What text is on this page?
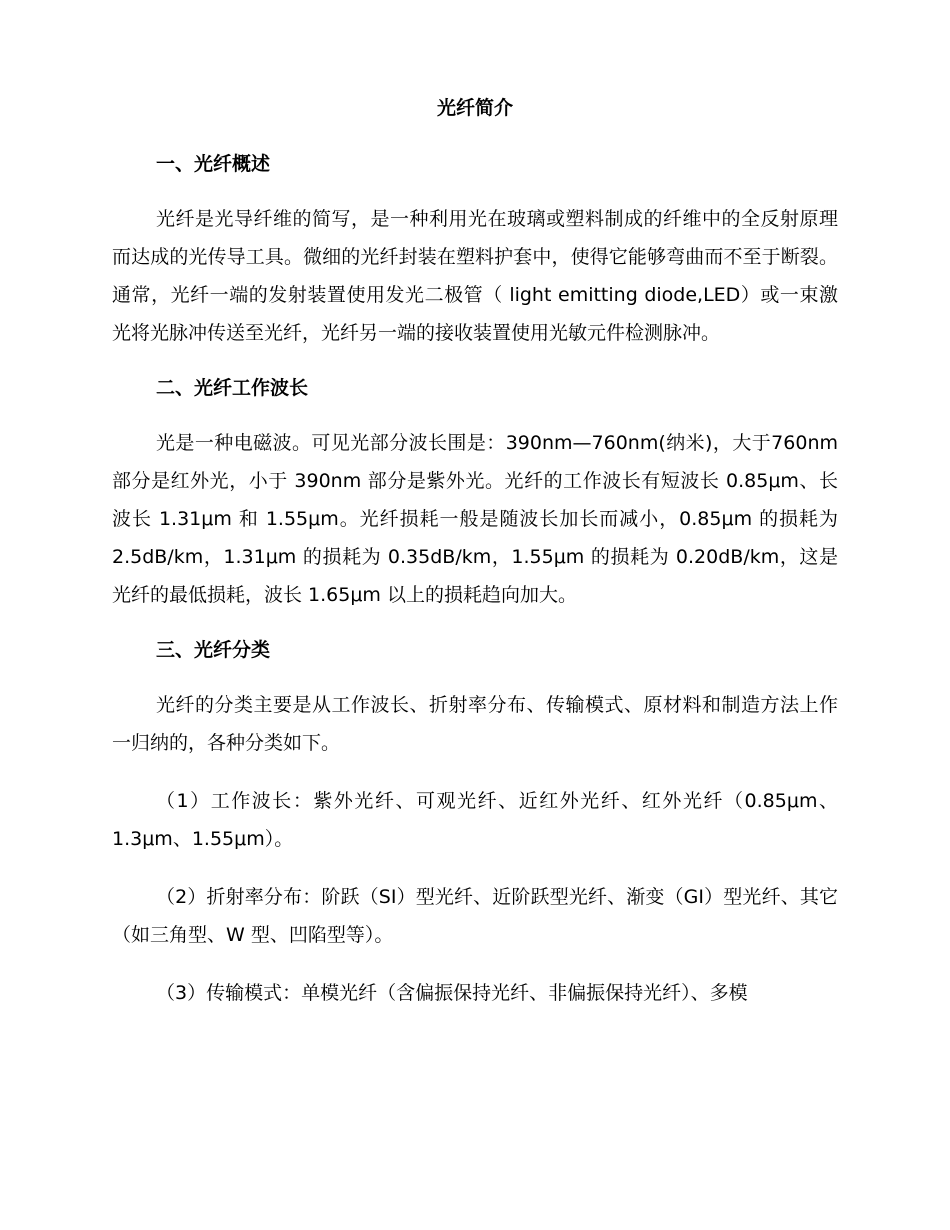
光纤简介
一、光纤概述

光纤是光导纤维的简写，是一种利用光在玻璃或塑料制成的纤维中的全反射原理而达成的光传导工具。微细的光纤封装在塑料护套中，使得它能够弯曲而不至于断裂。通常，光纤一端的发射装置使用发光二极管（ light emitting diode,LED）或一束激光将光脉冲传送至光纤，光纤另一端的接收装置使用光敏元件检测脉冲。

二、光纤工作波长

光是一种电磁波。可见光部分波长围是：390nm—760nm(纳米)，大于760nm 部分是红外光，小于 390nm 部分是紫外光。光纤的工作波长有短波长 0.85μm、长波长 1.31μm 和 1.55μm。光纤损耗一般是随波长加长而减小，0.85μm 的损耗为 2.5dB/km，1.31μm 的损耗为 0.35dB/km，1.55μm 的损耗为 0.20dB/km，这是光纤的最低损耗，波长 1.65μm 以上的损耗趋向加大。

三、光纤分类

光纤的分类主要是从工作波长、折射率分布、传输模式、原材料和制造方法上作一归纳的，各种分类如下。

（1）工作波长：紫外光纤、可观光纤、近红外光纤、红外光纤（0.85μm、1.3μm、1.55μm）。

（2）折射率分布：阶跃（SI）型光纤、近阶跃型光纤、渐变（GI）型光纤、其它（如三角型、W 型、凹陷型等）。

（3）传输模式：单模光纤（含偏振保持光纤、非偏振保持光纤）、多模
